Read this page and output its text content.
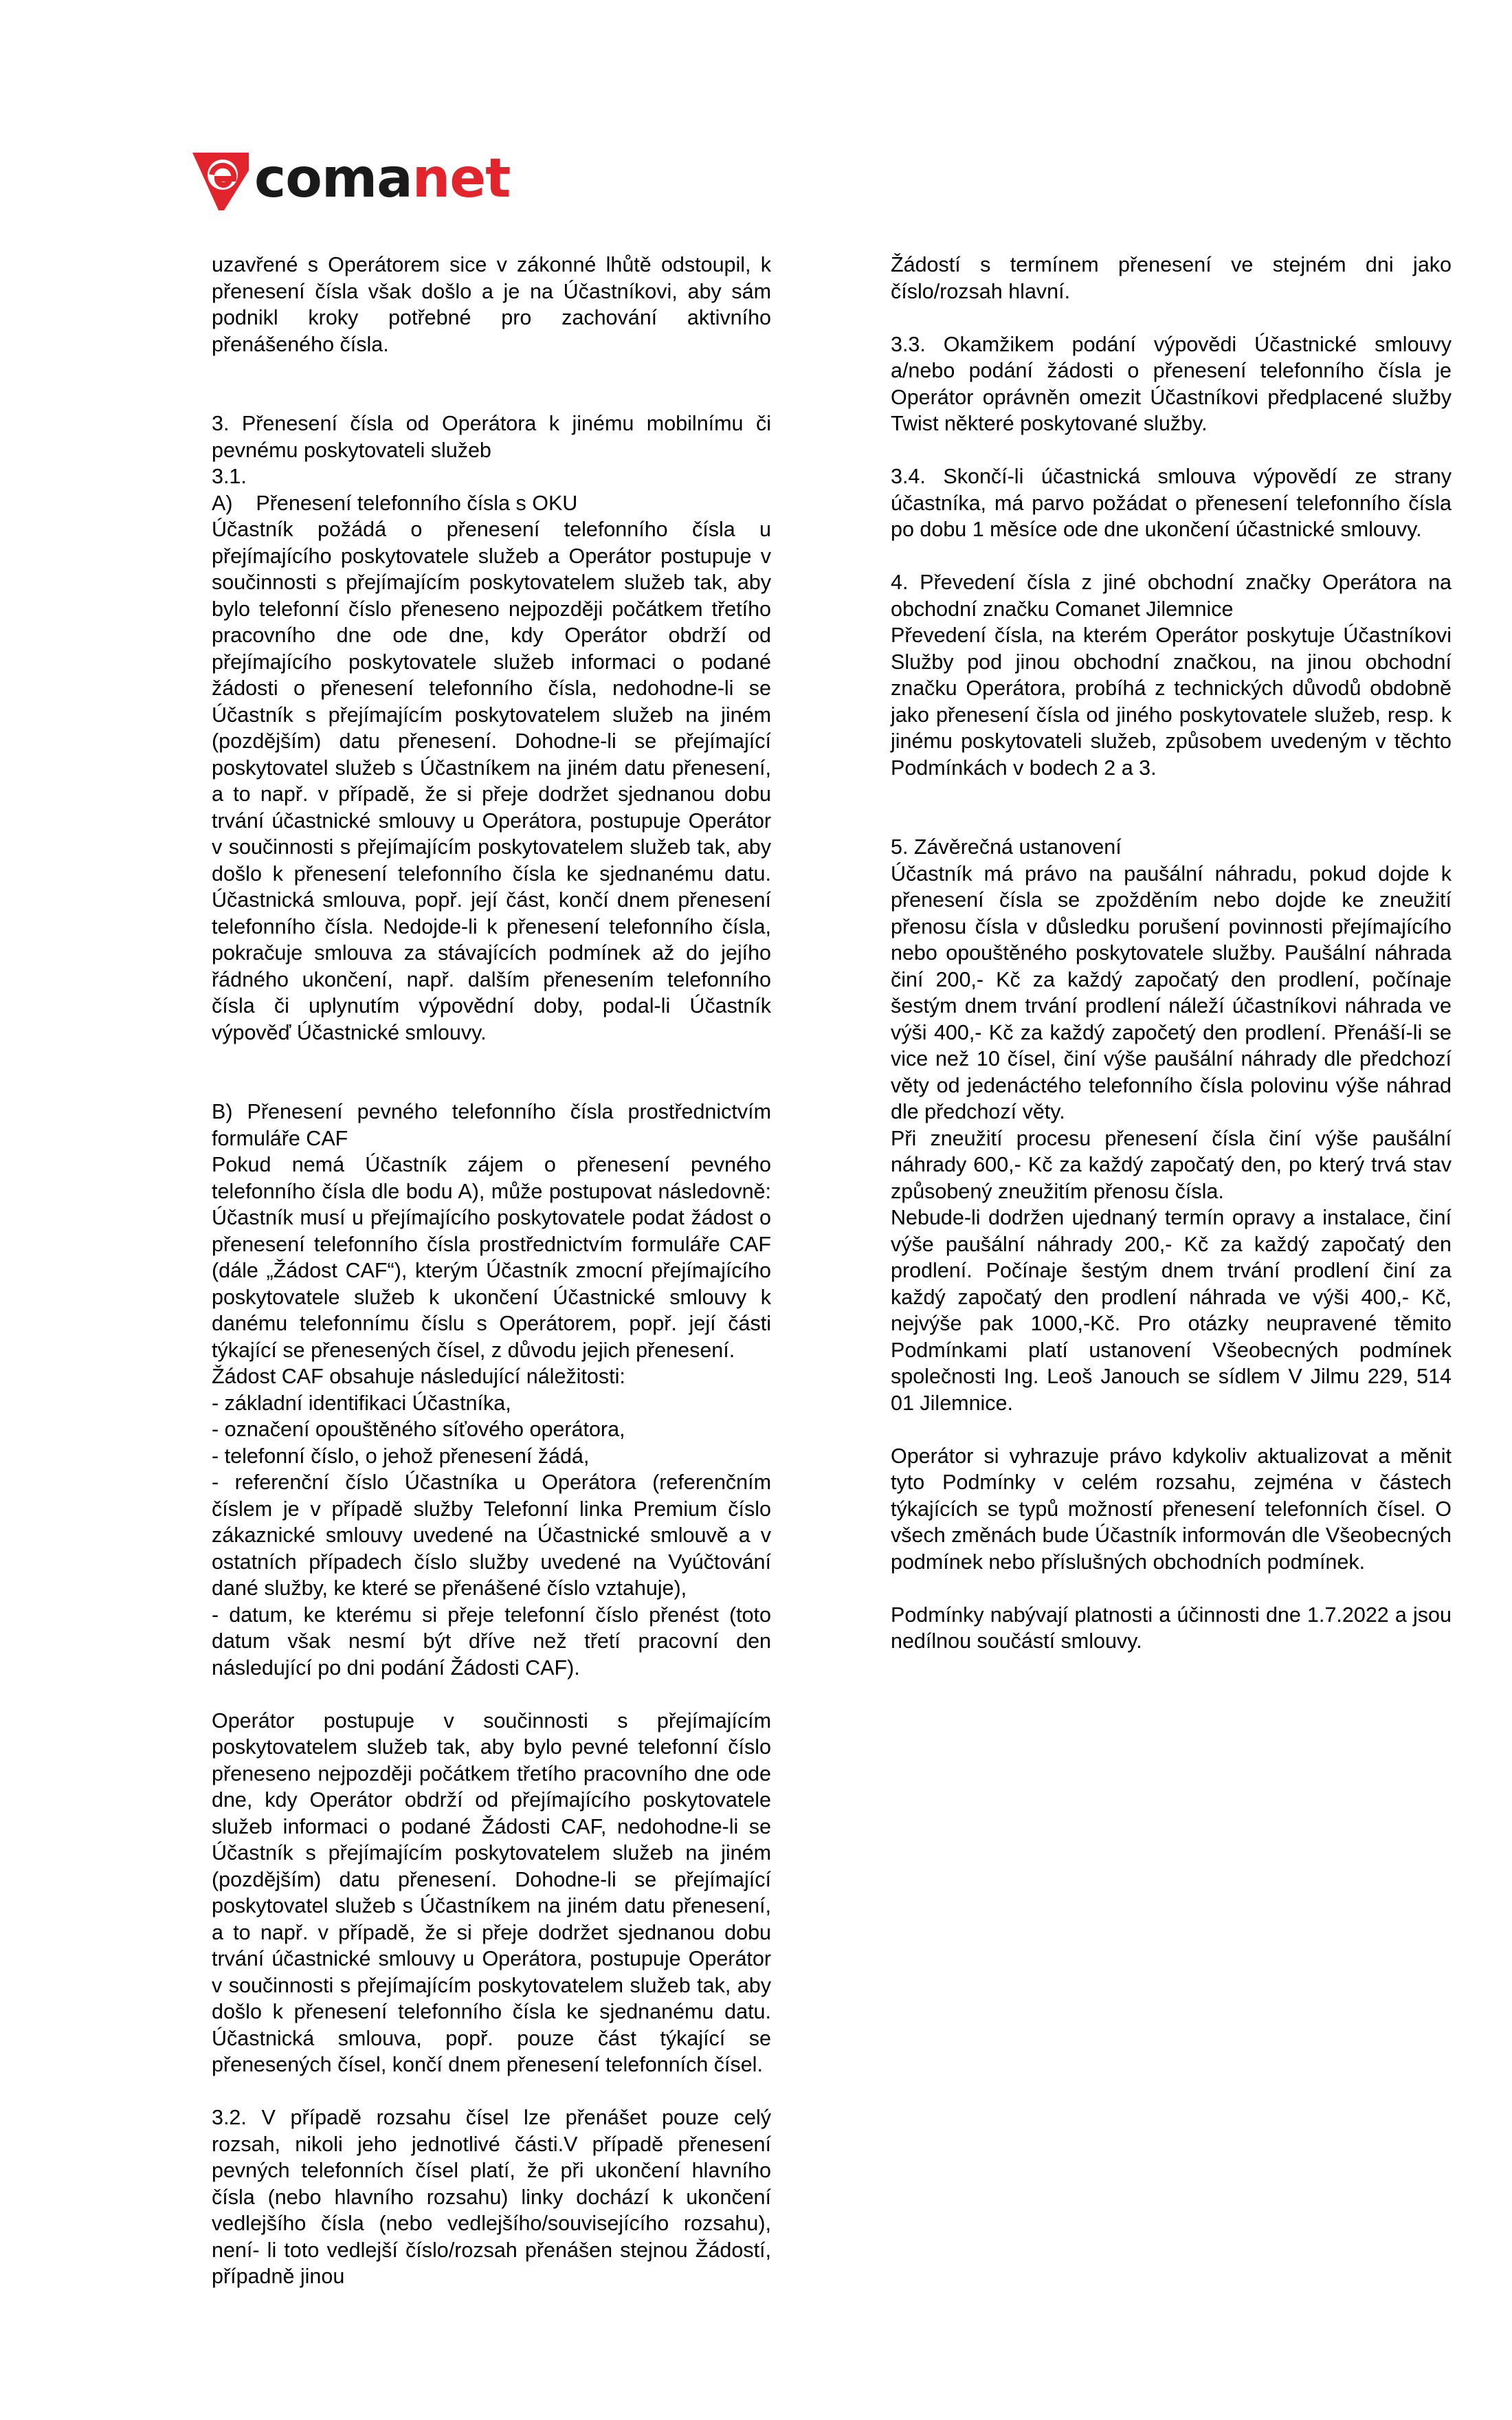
comanet

uzavřené s Operátorem sice v zákonné lhůtě odstoupil, k přenesení čísla však došlo a je na Účastníkovi, aby sám podnikl kroky potřebné pro zachování aktivního přenášeného čísla.

3. Přenesení čísla od Operátora k jinému mobilnímu či pevnému poskytovateli služeb

3.1.

A)    Přenesení telefonního čísla s OKU

Účastník požádá o přenesení telefonního čísla u přejímajícího poskytovatele služeb a Operátor postupuje v součinnosti s přejímajícím poskytovatelem služeb tak, aby bylo telefonní číslo přeneseno nejpozději počátkem třetího pracovního dne ode dne, kdy Operátor obdrží od přejímajícího poskytovatele služeb informaci o podané žádosti o přenesení telefonního čísla, nedohodne-li se Účastník s přejímajícím poskytovatelem služeb na jiném (pozdějším) datu přenesení. Dohodne-li se přejímající poskytovatel služeb s Účastníkem na jiném datu přenesení, a to např. v případě, že si přeje dodržet sjednanou dobu trvání účastnické smlouvy u Operátora, postupuje Operátor v součinnosti s přejímajícím poskytovatelem služeb tak, aby došlo k přenesení telefonního čísla ke sjednanému datu. Účastnická smlouva, popř. její část, končí dnem přenesení telefonního čísla. Nedojde-li k přenesení telefonního čísla, pokračuje smlouva za stávajících podmínek až do jejího řádného ukončení, např. dalším přenesením telefonního čísla či uplynutím výpovědní doby, podal-li Účastník výpověď Účastnické smlouvy.

B) Přenesení pevného telefonního čísla prostřednictvím formuláře CAF

Pokud nemá Účastník zájem o přenesení pevného telefonního čísla dle bodu A), může postupovat následovně: Účastník musí u přejímajícího poskytovatele podat žádost o přenesení telefonního čísla prostřednictvím formuláře CAF (dále „Žádost CAF“), kterým Účastník zmocní přejímajícího poskytovatele služeb k ukončení Účastnické smlouvy k danému telefonnímu číslu s Operátorem, popř. její části týkající se přenesených čísel, z důvodu jejich přenesení.

Žádost CAF obsahuje následující náležitosti:

- základní identifikaci Účastníka,

- označení opouštěného síťového operátora,

- telefonní číslo, o jehož přenesení žádá,

- referenční číslo Účastníka u Operátora (referenčním číslem je v případě služby Telefonní linka Premium číslo zákaznické smlouvy uvedené na Účastnické smlouvě a v ostatních případech číslo služby uvedené na Vyúčtování dané služby, ke které se přenášené číslo vztahuje),

- datum, ke kterému si přeje telefonní číslo přenést (toto datum však nesmí být dříve než třetí pracovní den následující po dni podání Žádosti CAF).

Operátor postupuje v součinnosti s přejímajícím poskytovatelem služeb tak, aby bylo pevné telefonní číslo přeneseno nejpozději počátkem třetího pracovního dne ode dne, kdy Operátor obdrží od přejímajícího poskytovatele služeb informaci o podané Žádosti CAF, nedohodne-li se Účastník s přejímajícím poskytovatelem služeb na jiném (pozdějším) datu přenesení. Dohodne-li se přejímající poskytovatel služeb s Účastníkem na jiném datu přenesení, a to např. v případě, že si přeje dodržet sjednanou dobu trvání účastnické smlouvy u Operátora, postupuje Operátor v součinnosti s přejímajícím poskytovatelem služeb tak, aby došlo k přenesení telefonního čísla ke sjednanému datu. Účastnická smlouva, popř. pouze část týkající se přenesených čísel, končí dnem přenesení telefonních čísel.

3.2. V případě rozsahu čísel lze přenášet pouze celý rozsah, nikoli jeho jednotlivé části.V případě přenesení pevných telefonních čísel platí, že při ukončení hlavního čísla (nebo hlavního rozsahu) linky dochází k ukončení vedlejšího čísla (nebo vedlejšího/souvisejícího rozsahu), není- li toto vedlejší číslo/rozsah přenášen stejnou Žádostí, případně jinou

Žádostí s termínem přenesení ve stejném dni jako číslo/rozsah hlavní.

3.3. Okamžikem podání výpovědi Účastnické smlouvy a/nebo podání žádosti o přenesení telefonního čísla je Operátor oprávněn omezit Účastníkovi předplacené služby Twist některé poskytované služby.

3.4. Skončí-li účastnická smlouva výpovědí ze strany účastníka, má parvo požádat o přenesení telefonního čísla po dobu 1 měsíce ode dne ukončení účastnické smlouvy.

4. Převedení čísla z jiné obchodní značky Operátora na obchodní značku Comanet Jilemnice

Převedení čísla, na kterém Operátor poskytuje Účastníkovi Služby pod jinou obchodní značkou, na jinou obchodní značku Operátora, probíhá z technických důvodů obdobně jako přenesení čísla od jiného poskytovatele služeb, resp. k jinému poskytovateli služeb, způsobem uvedeným v těchto Podmínkách v bodech 2 a 3.

5. Závěrečná ustanovení

Účastník má právo na paušální náhradu, pokud dojde k přenesení čísla se zpožděním nebo dojde ke zneužití přenosu čísla v důsledku porušení povinnosti přejímajícího nebo opouštěného poskytovatele služby. Paušální náhrada činí 200,- Kč za každý započatý den prodlení, počínaje šestým dnem trvání prodlení náleží účastníkovi náhrada ve výši 400,- Kč za každý započetý den prodlení. Přenáší-li se vice než 10 čísel, činí výše paušální náhrady dle předchozí věty od jedenáctého telefonního čísla polovinu výše náhrad dle předchozí věty.

Při zneužití procesu přenesení čísla činí výše paušální náhrady 600,- Kč za každý započatý den, po který trvá stav způsobený zneužitím přenosu čísla.

Nebude-li dodržen ujednaný termín opravy a instalace, činí výše paušální náhrady 200,- Kč za každý započatý den prodlení. Počínaje šestým dnem trvání prodlení činí za každý započatý den prodlení náhrada ve výši 400,- Kč, nejvýše pak 1000,-Kč. Pro otázky neupravené těmito Podmínkami platí ustanovení Všeobecných podmínek společnosti Ing. Leoš Janouch se sídlem V Jilmu 229, 514 01 Jilemnice.

Operátor si vyhrazuje právo kdykoliv aktualizovat a měnit tyto Podmínky v celém rozsahu, zejména v částech týkajících se typů možností přenesení telefonních čísel. O všech změnách bude Účastník informován dle Všeobecných podmínek nebo příslušných obchodních podmínek.

Podmínky nabývají platnosti a účinnosti dne 1.7.2022 a jsou nedílnou součástí smlouvy.
